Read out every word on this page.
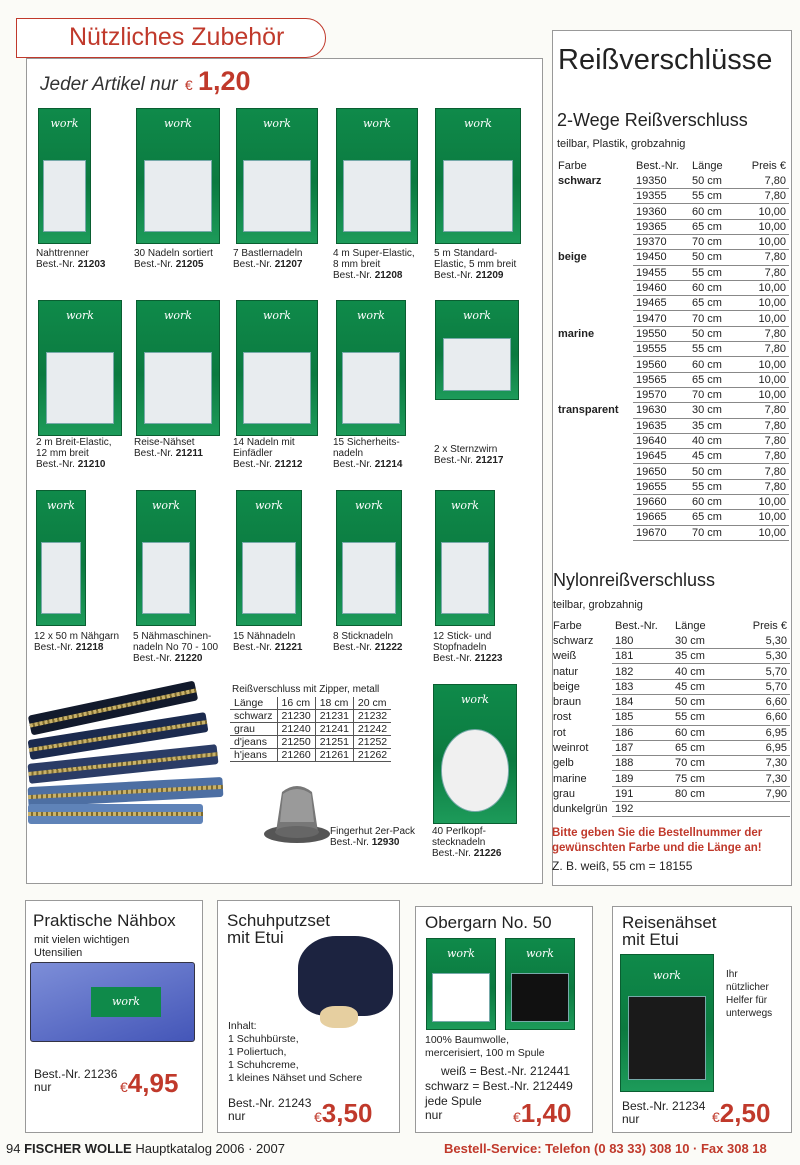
Nützliches Zubehör
Jeder Artikel nur € 1,20
work
Nahttrenner
Best.-Nr. 21203
work
30 Nadeln sortiert
Best.-Nr. 21205
work
7 Bastlernadeln
Best.-Nr. 21207
work
4 m Super-Elastic,
8 mm breit
Best.-Nr. 21208
work
5 m Standard-
Elastic, 5 mm breit
Best.-Nr. 21209
work
2 m Breit-Elastic,
12 mm breit
Best.-Nr. 21210
work
Reise-Nähset
Best.-Nr. 21211
work
14 Nadeln mit
Einfädler
Best.-Nr. 21212
work
15 Sicherheits-
nadeln
Best.-Nr. 21214
work
2 x Sternzwirn
Best.-Nr. 21217
work
12 x 50 m Nähgarn
Best.-Nr. 21218
work
5 Nähmaschinen-
nadeln No 70 - 100
Best.-Nr. 21220
work
15 Nähnadeln
Best.-Nr. 21221
work
8 Sticknadeln
Best.-Nr. 21222
work
12 Stick- und
Stopfnadeln
Best.-Nr. 21223
Reißverschluss mit Zipper, metall
Länge	16 cm	18 cm	20 cm
schwarz	21230	21231	21232
grau	21240	21241	21242
d'jeans	21250	21251	21252
h'jeans	21260	21261	21262
Fingerhut 2er-Pack
Best.-Nr. 12930
work
40 Perlkopf-
stecknadeln
Best.-Nr. 21226
Reißverschlüsse
2-Wege Reißverschluss
teilbar, Plastik, grobzahnig
Farbe	Best.-Nr.	Länge	Preis €
schwarz	19350	50 cm	7,80
	19355	55 cm	7,80
	19360	60 cm	10,00
	19365	65 cm	10,00
	19370	70 cm	10,00
beige	19450	50 cm	7,80
	19455	55 cm	7,80
	19460	60 cm	10,00
	19465	65 cm	10,00
	19470	70 cm	10,00
marine	19550	50 cm	7,80
	19555	55 cm	7,80
	19560	60 cm	10,00
	19565	65 cm	10,00
	19570	70 cm	10,00
transparent	19630	30 cm	7,80
	19635	35 cm	7,80
	19640	40 cm	7,80
	19645	45 cm	7,80
	19650	50 cm	7,80
	19655	55 cm	7,80
	19660	60 cm	10,00
	19665	65 cm	10,00
	19670	70 cm	10,00
Nylonreißverschluss
teilbar, grobzahnig
Farbe	Best.-Nr.	Länge	Preis €
schwarz	180	30 cm	5,30
weiß	181	35 cm	5,30
natur	182	40 cm	5,70
beige	183	45 cm	5,70
braun	184	50 cm	6,60
rost	185	55 cm	6,60
rot	186	60 cm	6,95
weinrot	187	65 cm	6,95
gelb	188	70 cm	7,30
marine	189	75 cm	7,30
grau	191	80 cm	7,90
dunkelgrün	192		
Bitte geben Sie die Bestellnummer der
gewünschten Farbe und die Länge an!
Z. B. weiß, 55 cm = 18155
Praktische Nähbox
mit vielen wichtigen
Utensilien
work
Best.-Nr. 21236
nur	€4,95
Schuhputzset
mit Etui
Inhalt:
1 Schuhbürste,
1 Poliertuch,
1 Schuhcreme,
1 kleines Nähset und Schere
Best.-Nr. 21243
nur	€3,50
Obergarn No. 50
work	work
100% Baumwolle,
mercerisiert, 100 m Spule
weiß = Best.-Nr. 212441
schwarz = Best.-Nr. 212449
jede Spule
nur	€1,40
Reisenähset
mit Etui
work	Ihr
nützlicher
Helfer für
unterwegs
Best.-Nr. 21234
nur	€2,50
94 FISCHER WOLLE Hauptkatalog 2006 · 2007	Bestell-Service: Telefon (0 83 33) 308 10 · Fax 308 18
